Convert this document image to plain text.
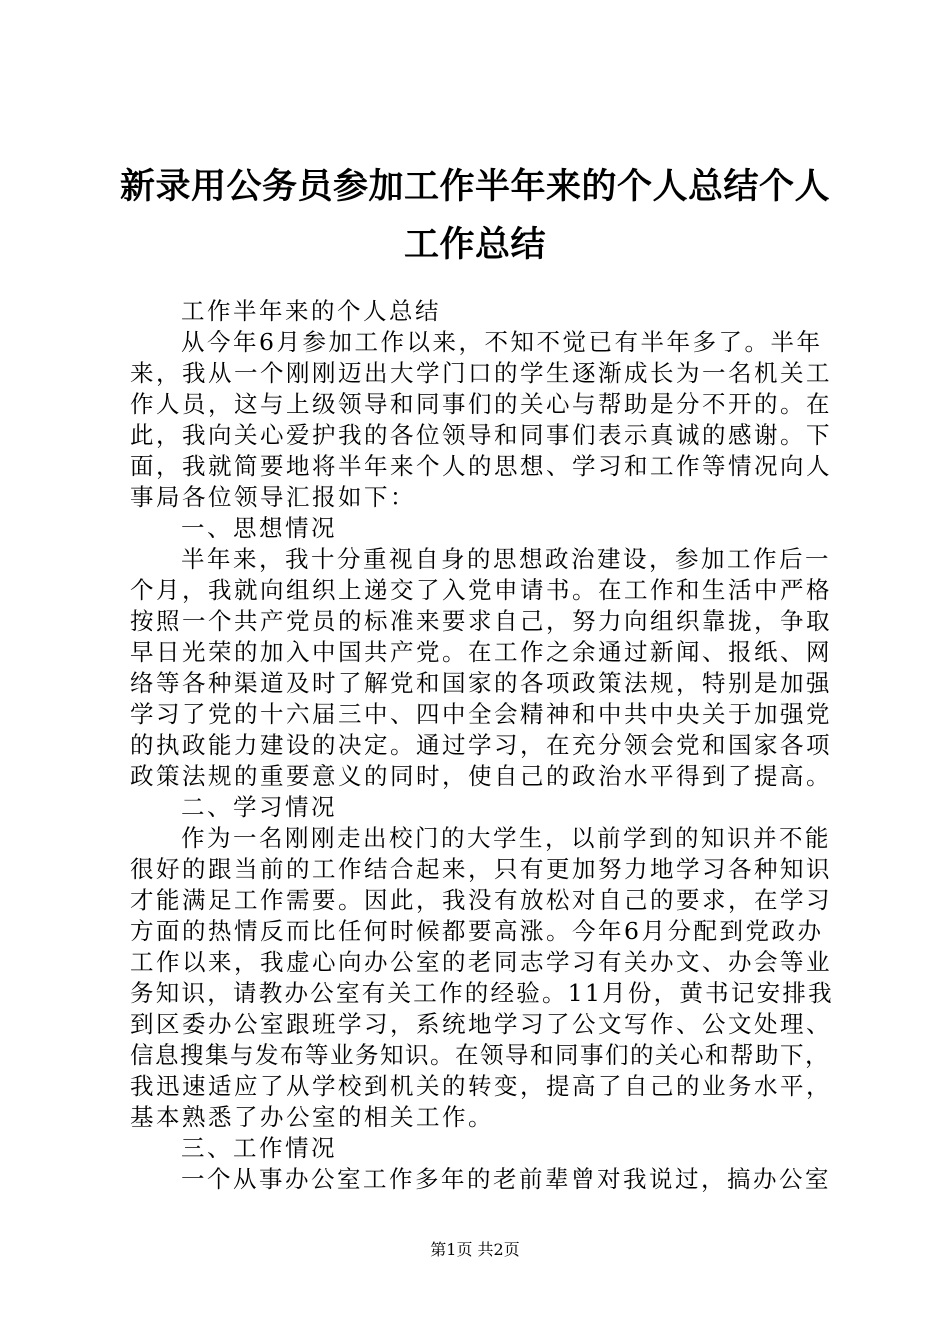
新录用公务员参加工作半年来的个人总结个人
工作总结
工作半年来的个人总结
从今年6月参加工作以来，不知不觉已有半年多了。半年
来，我从一个刚刚迈出大学门口的学生逐渐成长为一名机关工
作人员，这与上级领导和同事们的关心与帮助是分不开的。在
此，我向关心爱护我的各位领导和同事们表示真诚的感谢。下
面，我就简要地将半年来个人的思想、学习和工作等情况向人
事局各位领导汇报如下：
一、思想情况
半年来，我十分重视自身的思想政治建设，参加工作后一
个月，我就向组织上递交了入党申请书。在工作和生活中严格
按照一个共产党员的标准来要求自己，努力向组织靠拢，争取
早日光荣的加入中国共产党。在工作之余通过新闻、报纸、网
络等各种渠道及时了解党和国家的各项政策法规，特别是加强
学习了党的十六届三中、四中全会精神和中共中央关于加强党
的执政能力建设的决定。通过学习，在充分领会党和国家各项
政策法规的重要意义的同时，使自己的政治水平得到了提高。
二、学习情况
作为一名刚刚走出校门的大学生，以前学到的知识并不能
很好的跟当前的工作结合起来，只有更加努力地学习各种知识
才能满足工作需要。因此，我没有放松对自己的要求，在学习
方面的热情反而比任何时候都要高涨。今年6月分配到党政办
工作以来，我虚心向办公室的老同志学习有关办文、办会等业
务知识，请教办公室有关工作的经验。11月份，黄书记安排我
到区委办公室跟班学习，系统地学习了公文写作、公文处理、
信息搜集与发布等业务知识。在领导和同事们的关心和帮助下，
我迅速适应了从学校到机关的转变，提高了自己的业务水平，
基本熟悉了办公室的相关工作。
三、工作情况
一个从事办公室工作多年的老前辈曾对我说过，搞办公室
第1页 共2页
